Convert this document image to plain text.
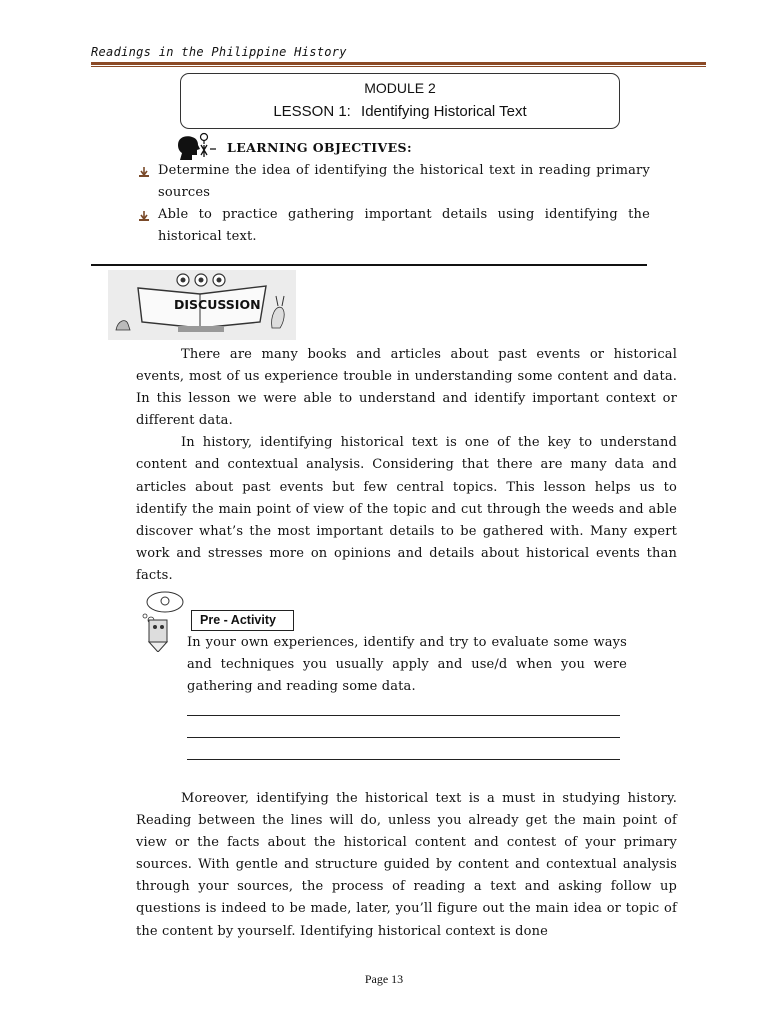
Readings in the Philippine History
MODULE 2
LESSON 1: Identifying Historical Text
LEARNING OBJECTIVES:
Determine the idea of identifying the historical text in reading primary sources
Able to practice gathering important details using identifying the historical text.
DISCUSSION

There are many books and articles about past events or historical events, most of us experience trouble in understanding some content and data. In this lesson we were able to understand and identify important context or different data.

In history, identifying historical text is one of the key to understand content and contextual analysis. Considering that there are many data and articles about past events but few central topics. This lesson helps us to identify the main point of view of the topic and cut through the weeds and able discover what’s the most important details to be gathered with. Many expert work and stresses more on opinions and details about historical events than facts.

Pre - Activity
In your own experiences, identify and try to evaluate some ways and techniques you usually apply and use/d when you were gathering and reading some data.

Moreover, identifying the historical text is a must in studying history. Reading between the lines will do, unless you already get the main point of view or the facts about the historical content and contest of your primary sources. With gentle and structure guided by content and contextual analysis through your sources, the process of reading a text and asking follow up questions is indeed to be made, later, you’ll figure out the main idea or topic of the content by yourself. Identifying historical context is done

Page 13
